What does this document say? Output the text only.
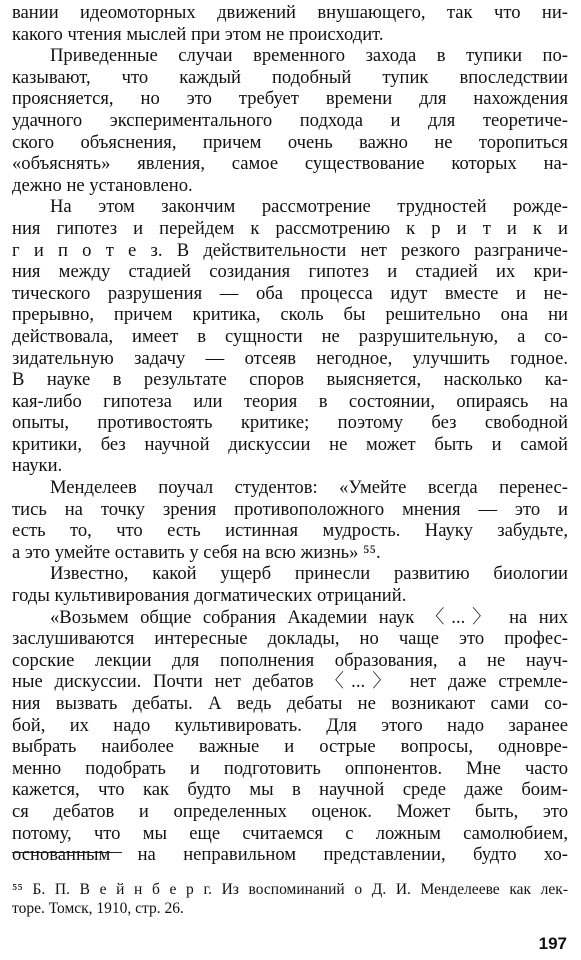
вании идеомоторных движений внушающего, так что ни-
какого чтения мыслей при этом не происходит.
Приведенные случаи временного захода в тупики по-
казывают, что каждый подобный тупик впоследствии
проясняется, но это требует времени для нахождения
удачного экспериментального подхода и для теоретиче-
ского объяснения, причем очень важно не торопиться
«объяснять» явления, самое существование которых на-
дежно не установлено.
На этом закончим рассмотрение трудностей рожде-
ния гипотез и перейдем к рассмотрению к р и т и к и
г и п о т е з. В действительности нет резкого разграниче-
ния между стадией созидания гипотез и стадией их кри-
тического разрушения — оба процесса идут вместе и не-
прерывно, причем критика, сколь бы решительно она ни
действовала, имеет в сущности не разрушительную, а со-
зидательную задачу — отсеяв негодное, улучшить годное.
В науке в результате споров выясняется, насколько ка-
кая-либо гипотеза или теория в состоянии, опираясь на
опыты, противостоять критике; поэтому без свободной
критики, без научной дискуссии не может быть и самой
науки.
Менделеев поучал студентов: «Умейте всегда перенес-
тись на точку зрения противоположного мнения — это и
есть то, что есть истинная мудрость. Науку забудьте,
а это умейте оставить у себя на всю жизнь» ⁵⁵.
Известно, какой ущерб принесли развитию биологии
годы культивирования догматических отрицаний.
«Возьмем общие собрания Академии наук 〈...〉 на них
заслушиваются интересные доклады, но чаще это профес-
сорские лекции для пополнения образования, а не науч-
ные дискуссии. Почти нет дебатов 〈...〉 нет даже стремле-
ния вызвать дебаты. А ведь дебаты не возникают сами со-
бой, их надо культивировать. Для этого надо заранее
выбрать наиболее важные и острые вопросы, одновре-
менно подобрать и подготовить оппонентов. Мне часто
кажется, что как будто мы в научной среде даже боим-
ся дебатов и определенных оценок. Может быть, это
потому, что мы еще считаемся с ложным самолюбием,
основанным на неправильном представлении, будто хо-
⁵⁵ Б. П. В е й н б е р г. Из воспоминаний о Д. И. Менделееве как лек-
торе. Томск, 1910, стр. 26.
197
